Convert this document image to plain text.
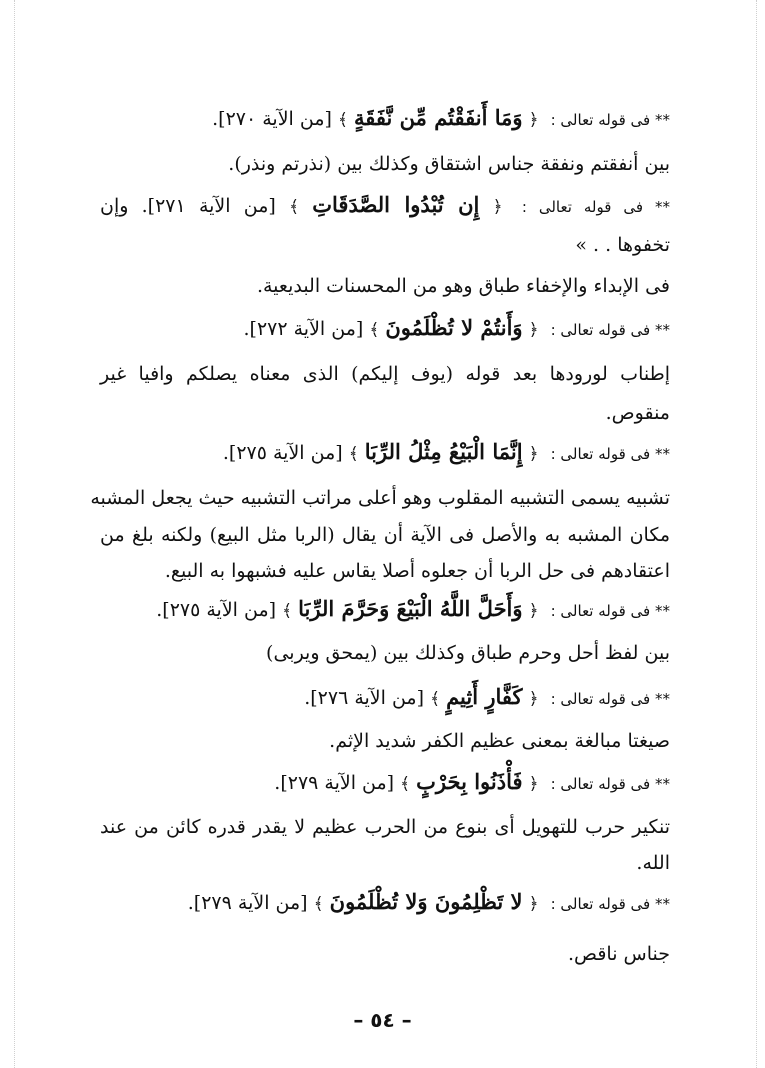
** فى قوله تعالى : ﴿ وَمَا أَنفَقْتُم مِّن نَّفَقَةٍ ﴾ [من الآية ٢٧٠].
بين أنفقتم ونفقة جناس اشتقاق وكذلك بين (نذرتم ونذر).
** فى قوله تعالى : ﴿ إِن تُبْدُوا الصَّدَقَاتِ ﴾ [من الآية ٢٧١]. وإن
تخفوها . . »
فى الإبداء والإخفاء طباق وهو من المحسنات البديعية.
** فى قوله تعالى : ﴿ وَأَنتُمْ لا تُظْلَمُونَ ﴾ [من الآية ٢٧٢].
إطناب لورودها بعد قوله (يوف إليكم) الذى معناه يصلكم وافيا غير
منقوص.
** فى قوله تعالى : ﴿ إِنَّمَا الْبَيْعُ مِثْلُ الرِّبَا ﴾ [من الآية ٢٧٥].
تشبيه يسمى التشبيه المقلوب وهو أعلى مراتب التشبيه حيث يجعل المشبه
مكان المشبه به والأصل فى الآية أن يقال (الربا مثل البيع) ولكنه بلغ من
اعتقادهم فى حل الربا أن جعلوه أصلا يقاس عليه فشبهوا به البيع.
** فى قوله تعالى : ﴿ وَأَحَلَّ اللَّهُ الْبَيْعَ وَحَرَّمَ الرِّبَا ﴾ [من الآية ٢٧٥].
بين لفظ أحل وحرم طباق وكذلك بين (يمحق ويربى)
** فى قوله تعالى : ﴿ كَفَّارٍ أَثِيمٍ ﴾ [من الآية ٢٧٦].
صيغتا مبالغة بمعنى عظيم الكفر شديد الإثم.
** فى قوله تعالى : ﴿ فَأْذَنُوا بِحَرْبٍ ﴾ [من الآية ٢٧٩].
تنكير حرب للتهويل أى بنوع من الحرب عظيم لا يقدر قدره كائن من عند
الله.
** فى قوله تعالى : ﴿ لا تَظْلِمُونَ وَلا تُظْلَمُونَ ﴾ [من الآية ٢٧٩].
جناس ناقص.
– ٥٤ –
